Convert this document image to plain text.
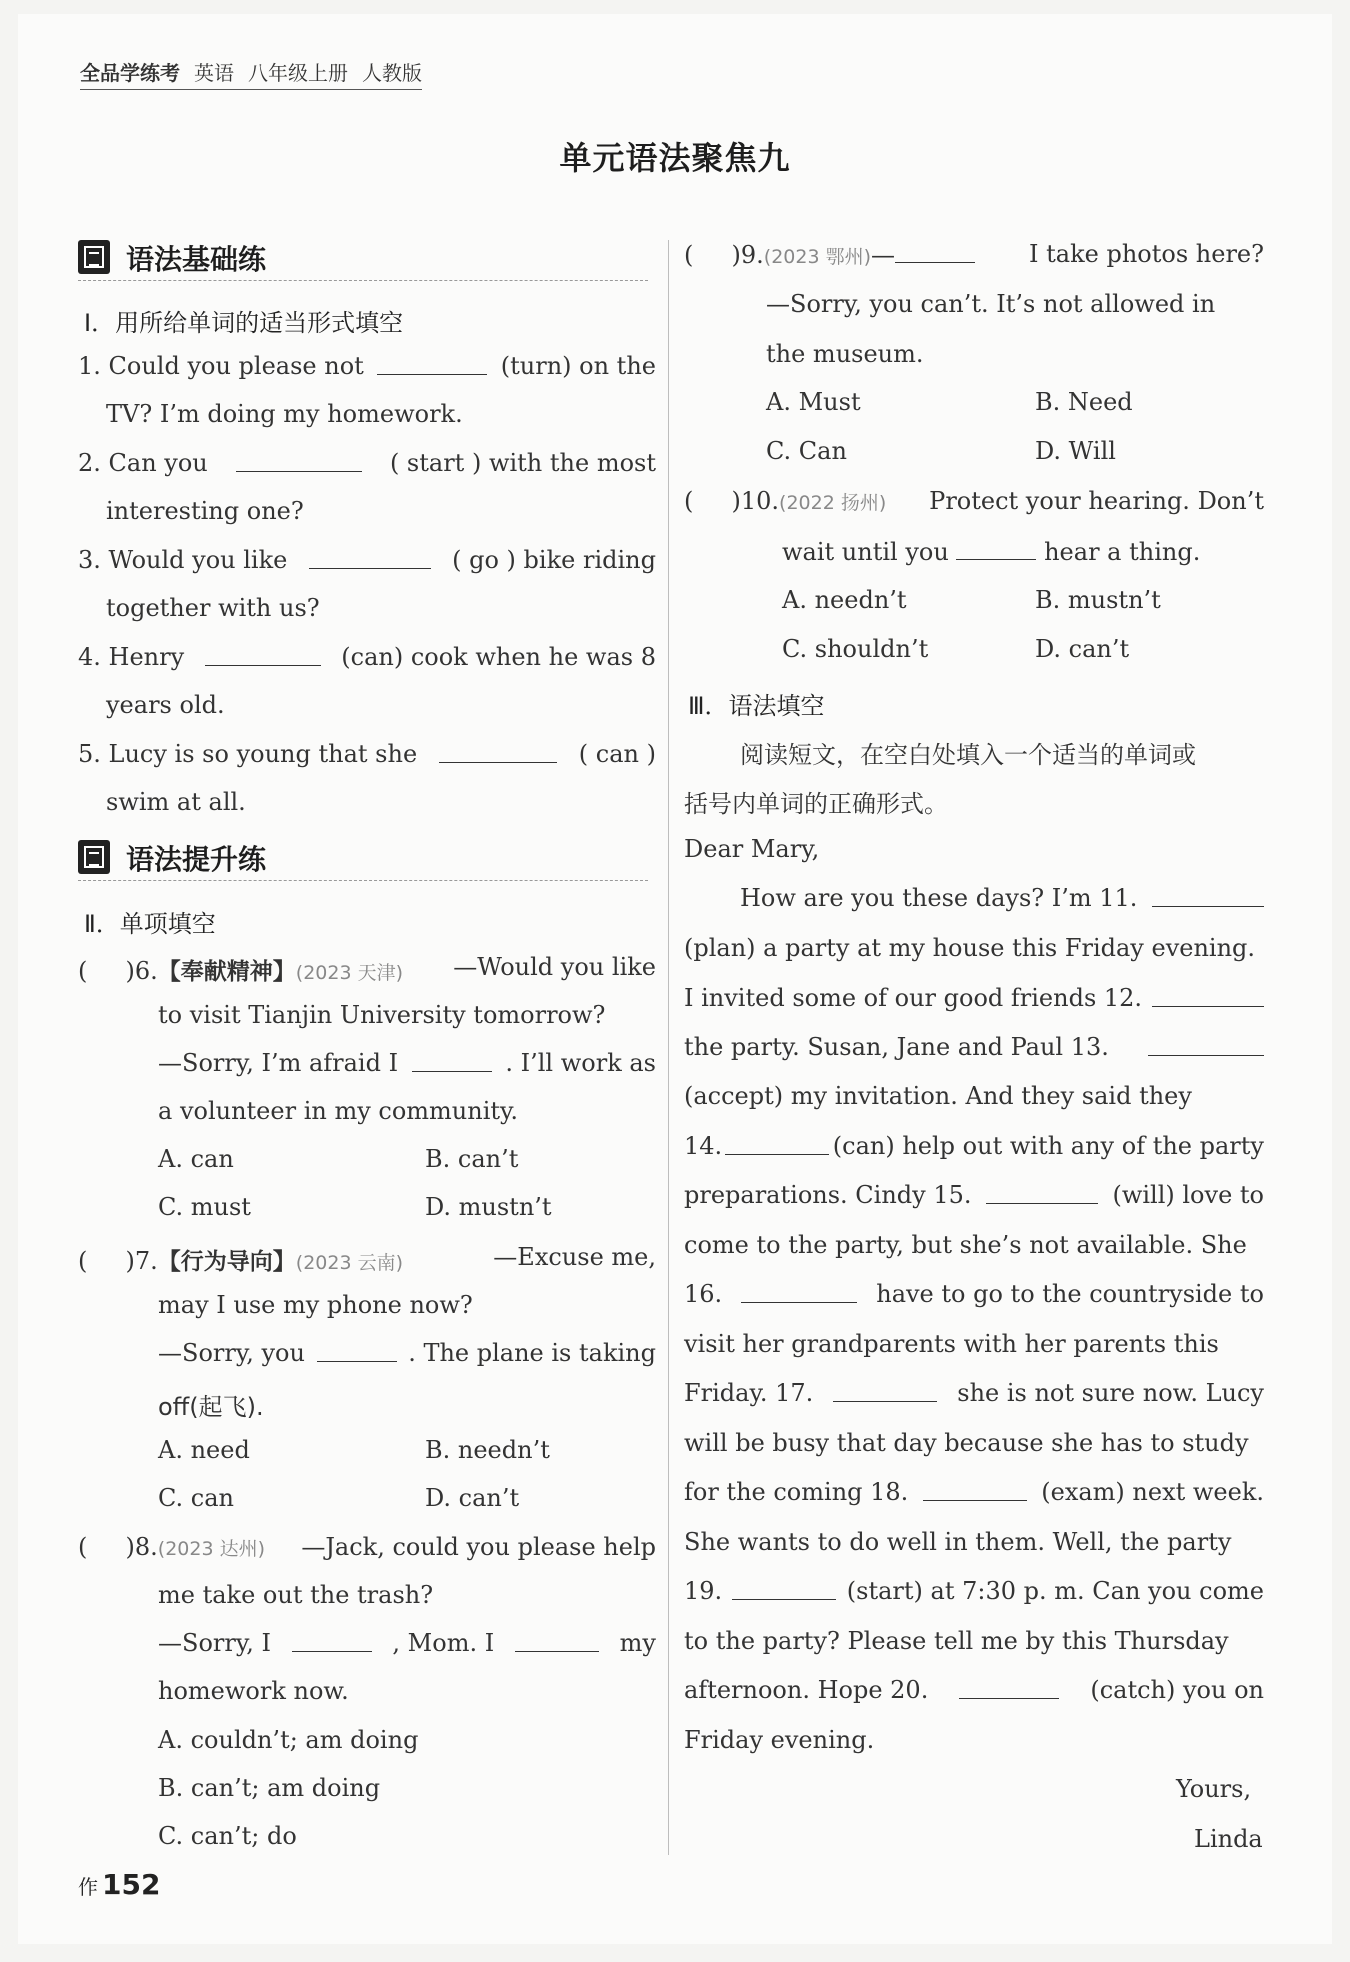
全品学练考 英语 八年级上册 人教版
单元语法聚焦九
语法基础练
Ⅰ．用所给单词的适当形式填空
1. Could you please not	(turn) on the
TV? I’m doing my homework.
2. Can you	( start ) with the most
interesting one?
3. Would you like	( go ) bike riding
together with us?
4. Henry	(can) cook when he was 8
years old.
5. Lucy is so young that she	( can )
swim at all.
语法提升练
Ⅱ．单项填空
(     )6.【奉献精神】(2023 天津) —Would you like
to visit Tianjin University tomorrow?
—Sorry, I’m afraid I	. I’ll work as
a volunteer in my community.
A. can	B. can’t
C. must	D. mustn’t
(     )7.【行为导向】(2023 云南)	—Excuse me,
may I use my phone now?
—Sorry, you	. The plane is taking
off(起飞).
A. need	B. needn’t
C. can	D. can’t
(     )8.(2023 达州) —Jack, could you please help
me take out the trash?
—Sorry, I	, Mom. I	my
homework now.
A. couldn’t; am doing
B. can’t; am doing
C. can’t; do
(     )9.(2023 鄂州)—	I take photos here?
—Sorry, you can’t. It’s not allowed in
the museum.
A. Must	B. Need
C. Can	D. Will
(     )10.(2022 扬州) Protect your hearing. Don’t
wait until you	hear a thing.
A. needn’t	B. mustn’t
C. shouldn’t	D. can’t
Ⅲ．语法填空
阅读短文，在空白处填入一个适当的单词或
括号内单词的正确形式。
Dear Mary,
How are you these days? I’m 11.
(plan) a party at my house this Friday evening.
I invited some of our good friends 12.
the party. Susan, Jane and Paul 13.
(accept) my invitation. And they said they
14.	(can) help out with any of the party
preparations. Cindy 15.	(will) love to
come to the party, but she’s not available. She
16.	have to go to the countryside to
visit her grandparents with her parents this
Friday. 17.	she is not sure now. Lucy
will be busy that day because she has to study
for the coming 18.	(exam) next week.
She wants to do well in them. Well, the party
19.	(start) at 7:30 p. m. Can you come
to the party? Please tell me by this Thursday
afternoon. Hope 20.	(catch) you on
Friday evening.
Yours,
Linda
作 152
